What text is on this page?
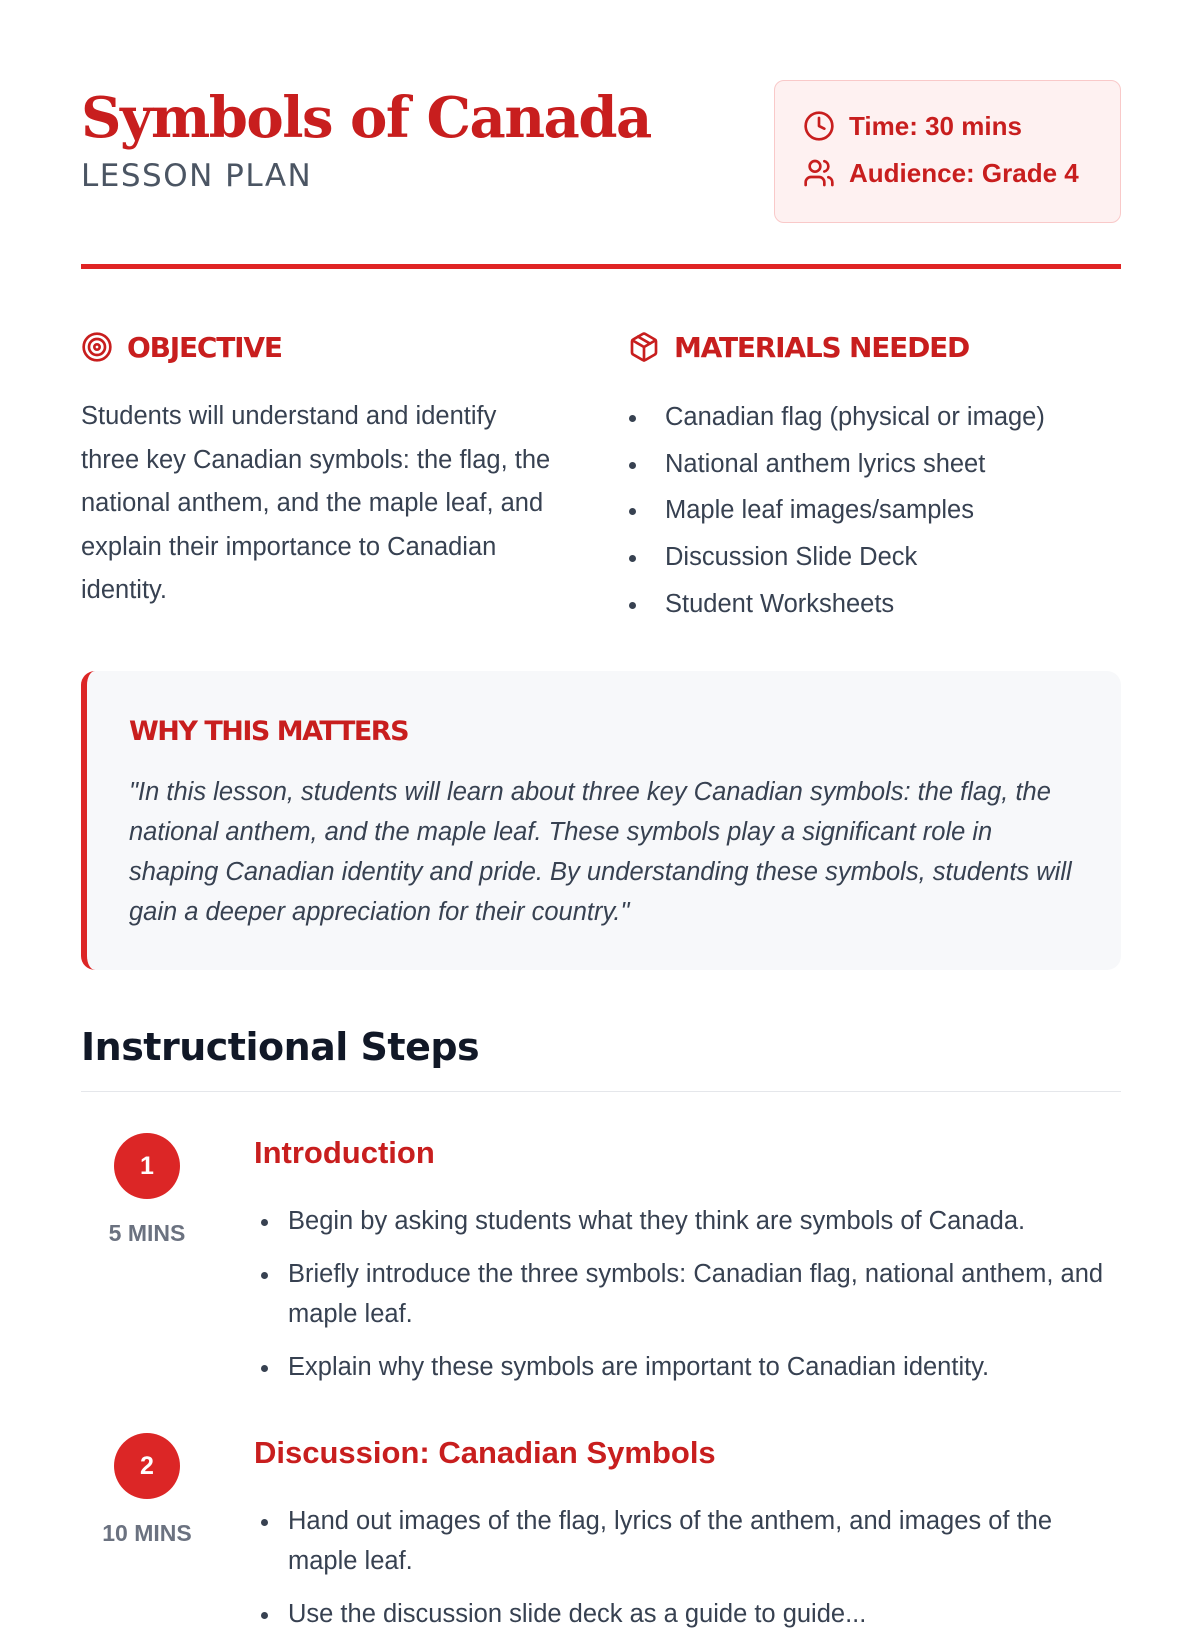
Symbols of Canada
LESSON PLAN
Time: 30 mins
Audience: Grade 4
OBJECTIVE

Students will understand and identify three key Canadian symbols: the flag, the national anthem, and the maple leaf, and explain their importance to Canadian identity.

MATERIALS NEEDED
Canadian flag (physical or image)
National anthem lyrics sheet
Maple leaf images/samples
Discussion Slide Deck
Student Worksheets
WHY THIS MATTERS

"In this lesson, students will learn about three key Canadian symbols: the flag, the national anthem, and the maple leaf. These symbols play a significant role in shaping Canadian identity and pride. By understanding these symbols, students will gain a deeper appreciation for their country."

Instructional Steps
1
5 MINS
Introduction
Begin by asking students what they think are symbols of Canada.
Briefly introduce the three symbols: Canadian flag, national anthem, and maple leaf.
Explain why these symbols are important to Canadian identity.
2
10 MINS
Discussion: Canadian Symbols
Hand out images of the flag, lyrics of the anthem, and images of the maple leaf.
Use the discussion slide deck as a guide to guide...
